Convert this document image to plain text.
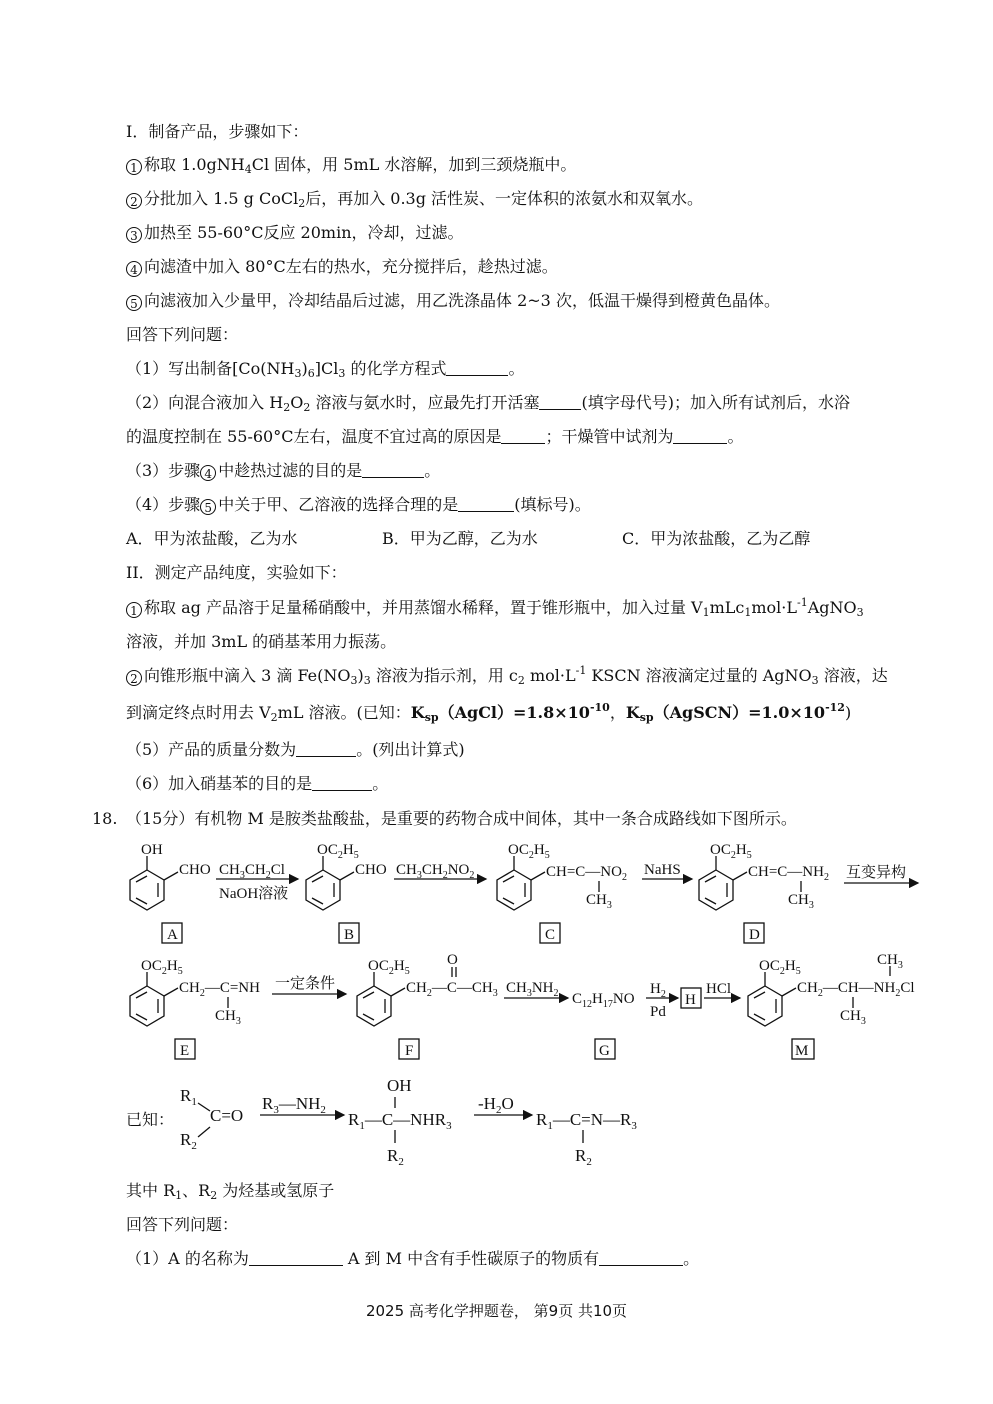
I．制备产品，步骤如下：
1 称取 1.0gNH$_4$Cl 固体，用 5mL 水溶解，加到三颈烧瓶中。
2 分批加入 1.5 g CoCl$_2$后，再加入 0.3g 活性炭、一定体积的浓氨水和双氧水。
3 加热至 55-60°C反应 20min，冷却，过滤。
4 向滤渣中加入 80°C左右的热水，充分搅拌后，趁热过滤。
5 向滤液加入少量甲，冷却结晶后过滤，用乙洗涤晶体 2~3 次，低温干燥得到橙黄色晶体。
回答下列问题：
（1）写出制备$[Co(NH_3)_6]Cl_3$ 的化学方程式	。
（2）向混合液加入 $H_2O_2$ 溶液与氨水时，应最先打开活塞	(填字母代号)；加入所有试剂后，水浴
的温度控制在 55-60°C左右，温度不宜过高的原因是	；干燥管中试剂为	。
（3）步骤 4 中趁热过滤的目的是	。
（4）步骤 5 中关于甲、乙溶液的选择合理的是	(填标号)。
A．甲为浓盐酸，乙为水	B．甲为乙醇，乙为水	C．甲为浓盐酸，乙为乙醇
II．测定产品纯度，实验如下：
1 称取 ag 产品溶于足量稀硝酸中，并用蒸馏水稀释，置于锥形瓶中，加入过量 $V_1mLc_1mol\cdot L^{-1}AgNO_3$
溶液，并加 3mL 的硝基苯用力振荡。
2 向锥形瓶中滴入 3 滴 $Fe(NO_3)_3$ 溶液为指示剂，用 $c_2$ $mol\cdot L^{-1}$ KSCN 溶液滴定过量的 AgNO$_3$ 溶液，达
到滴定终点时用去 $V_2mL$ 溶液。(已知：$K_{sp}(AgCl)=1.8\times 10^{-10}$，$K_{sp}(AgSCN)=1.0\times 10^{-12}$)
（5）产品的质量分数为	。(列出计算式)
（6）加入硝基苯的目的是	。
18. （15分）有机物 M 是胺类盐酸盐，是重要的药物合成中间体，其中一条合成路线如下图所示。
OH
CHO $CH_3CH_2Cl$
NaOH溶液
$OC_2H_5$
CHO $CH_3CH_2NO_2$
$OC_2H_5$
$CH=C—NO_2$
$CH_3$
NaHS
$OC_2H_5$
$CH=C—NH_2$
$CH_3$
互变异构
A	B	C	D
$OC_2H_5$
$CH_2—C=NH$
$CH_3$
一定条件
$OC_2H_5$
$CH_2—C—CH_3$
O
$CH_3NH_2$ $C_{12}H_{17}NO$
$H_2$
Pd
H
HCl
$OC_2H_5$
$CH_2—CH—NH_2Cl$
$CH_3$
$CH_3$
E	F	G	M
已知：
$R_1$
C=O
$R_2$
$R_3—NH_2$ $R_1—C—NHR_3$
OH
$R_2$
$-H_2O$
$R_1—C=N—R_3$
$R_2$
其中 $R_1$、$R_2$ 为烃基或氢原子
回答下列问题：
（1）A 的名称为	A 到 M 中含有手性碳原子的物质有	。
2025 高考化学押题卷， 第9页 共10页
